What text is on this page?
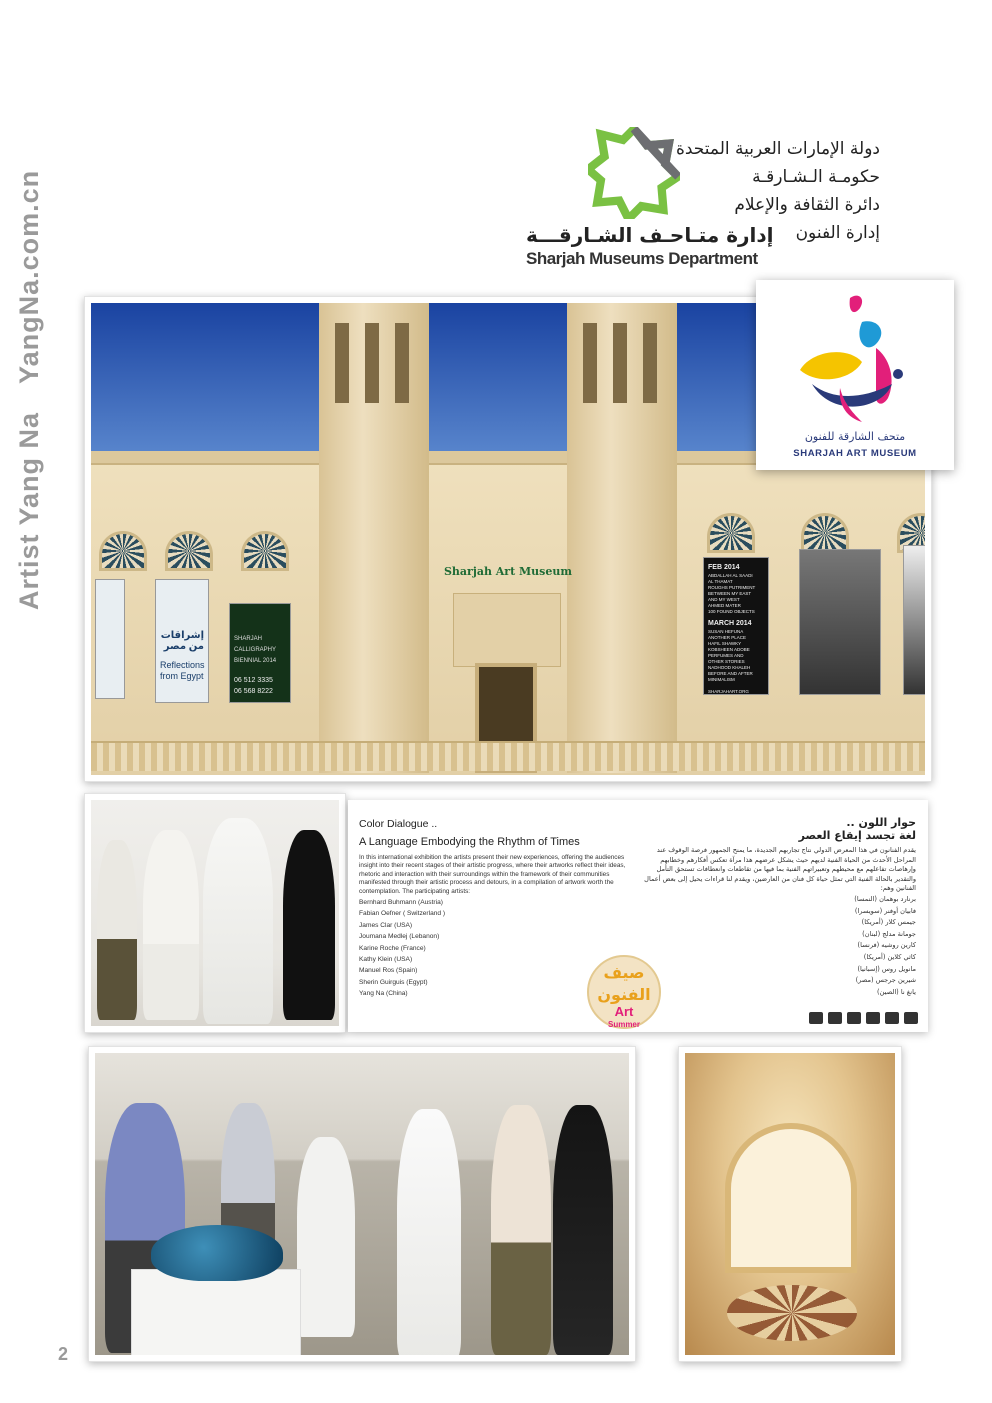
Artist Yang Na
YangNa.com.cn
دولة الإمارات العربية المتحدة
حكومـة الـشـارقـة
دائرة الثقافة والإعلام
إدارة الفنون
إدارة متـاحـف الشـارقـــة
Sharjah Museums Department
إشراقات من مصر
Reflections from Egypt
SHARJAH CALLIGRAPHY BIENNIAL 2014
06 512 3335
06 568 8222
Sharjah Art Museum	FEB 2014
ABDALLAH AL SAADI
AL THAMAT
ROUGHS PUTRIMENT
BETWEEN MY EAST
AND MY WEST
AHMED MATER
100 FOUND OBJECTS
MARCH 2014
SUSAN HEFUNA
ANOTHER PLACE
HAFIL SHAWKY
KOBSHEEN ADOBE
PERFUMES AND
OTHER STORIES
NADHOOD KHALEH
BEFORE AND AFTER
MINIMALISM
SHARJAHART.ORG
متحف الشارقة للفنون
SHARJAH ART MUSEUM
Color Dialogue ..
A Language Embodying the Rhythm of Times

In this international exhibition the artists present their new experiences, offering the audiences insight into their recent stages of their artistic progress, where their artworks reflect their ideas, rhetoric and interaction with their surroundings within the framework of their communities manifested through their artistic process and detours, in a compilation of artwork worth the contemplation. The participating artists:

Bernhard Buhmann (Austria)
Fabian Oefner ( Switzerland )
James Clar (USA)
Joumana Medlej (Lebanon)
Karine Roche (France)
Kathy Klein (USA)
Manuel Ros (Spain)
Sherin Guirguis (Egypt)
Yang Na (China)
صيف
الفنون
Art
Summer
حوار اللون ..
لغة تجسد إيقاع العصر

يقدم الفنانون في هذا المعرض الدولي نتاج تجاربهم الجديدة، ما يمنح الجمهور فرصة الوقوف عند المراحل الأحدث من الحياة الفنية لديهم حيث يشكل عرضهم هذا مرآة تعكس أفكارهم وخطابهم وإرهاصات تفاعلهم مع محيطهم وتعبيراتهم الفنية بما فيها من تقاطعات وانعطافات تستحق التأمل والتقدير بالحالة الفنية التي تمثل حياة كل فنان من العارضين، ويقدم لنا قراءات يحيل إلى بعض أعمال الفنانين وهم:

برنارد بوهمان (النمسا)
فابيان أوفنر (سويسرا)
جيمس كلار (أمريكا)
جومانة مدلج (لبنان)
كارين روشيه (فرنسا)
كاثي كلاين (أمريكا)
مانويل روس (إسبانيا)
شيرين جرجس (مصر)
يانغ نا (الصين)
2
